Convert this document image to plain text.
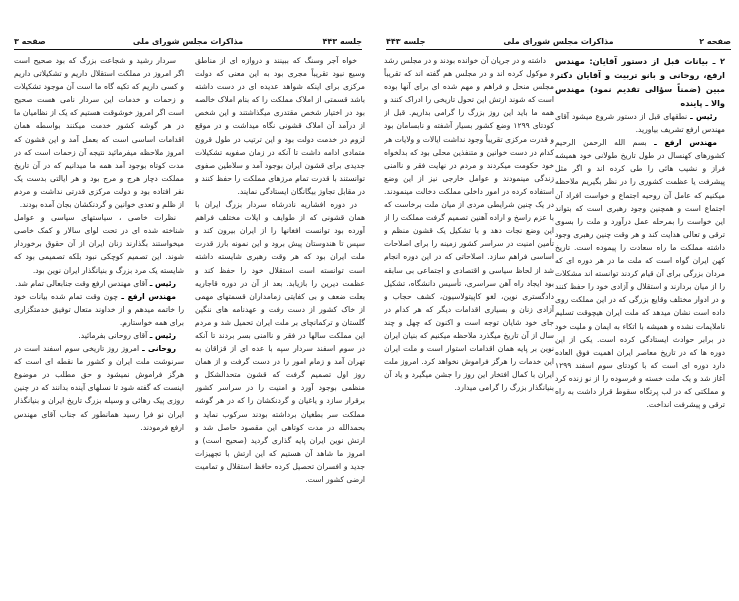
جلسه ۴۴۳
مذاکرات مجلس شورای ملی
صفحه ۳

خواه آجر وسنگ که ببینند و دروازه ای از مناطق وسیع نبود تقریباً مجری بود به این معنی که دولت مرکزی برای اینکه شواهد عدیده ای در دست داشته باشد قسمتی از املاک مملکت را که بنام املاک خالصه بود در اختیار شخص مقتدری میگذاشتند و این شخص از درآمد آن املاک قشونی نگاه میداشت و در موقع لزوم در خدمت دولت بود و این ترتیب در طول قرون متمادی ادامه داشت تا آنکه در زمان صفویه تشکیلات جدیدی برای قشون ایران بوجود آمد و سلاطین صفوی توانستند با قدرت تمام مرزهای مملکت را حفظ کنند و در مقابل تجاوز بیگانگان ایستادگی نمایند.

در دوره افشاریه نادرشاه سردار بزرگ ایران با همان قشونی که از طوایف و ایلات مختلف فراهم آورده بود توانست افغانها را از ایران بیرون کند و سپس تا هندوستان پیش برود و این نمونه بارز قدرت ملت ایران بود که هر وقت رهبری شایسته داشته است توانسته است استقلال خود را حفظ کند و عظمت دیرین را بازیابد. بعد از آن در دوره قاجاریه بعلت ضعف و بی کفایتی زمامداران قسمتهای مهمی از خاک کشور از دست رفت و عهدنامه های ننگین گلستان و ترکمانچای بر ملت ایران تحمیل شد و مردم این مملکت سالها در فقر و ناامنی بسر بردند تا آنکه در سوم اسفند سردار سپه با عده ای از قزاقان به تهران آمد و زمام امور را در دست گرفت و از همان روز اول تصمیم گرفت که قشون متحدالشکل و منظمی بوجود آورد و امنیت را در سراسر کشور برقرار سازد و یاغیان و گردنکشان را که در هر گوشه مملکت سر بطغیان برداشته بودند سرکوب نماید و بحمدالله در مدت کوتاهی این مقصود حاصل شد و ارتش نوین ایران پایه گذاری گردید (صحیح است) و امروز ما شاهد آن هستیم که این ارتش با تجهیزات جدید و افسران تحصیل کرده حافظ استقلال و تمامیت ارضی کشور است.

سردار رشید و شجاعت بزرگ که بود صحیح است اگر امروز در مملکت استقلال داریم و تشکیلاتی داریم و کسی داریم که تکیه گاه ما است آن موجود تشکیلات و زحمات و خدمات این سردار نامی هست صحیح است اگر امروز خوشوقت هستیم که یک از نظامیان ما در هر گوشه کشور خدمت میکنند بواسطه همان اقدامات اساسی است که بعمل آمد و این قشون که امروز ملاحظه میفرمائید نتیجه آن زحمات است که در مدت کوتاه بوجود آمد همه ما میدانیم که در آن تاریخ مملکت دچار هرج و مرج بود و هر ایالتی بدست یک نفر افتاده بود و دولت مرکزی قدرتی نداشت و مردم از ظلم و تعدی خوانین و گردنکشان بجان آمده بودند.

نظرات خاصی ، سیاستهای سیاسی و عوامل شناخته شده ای در تحت لوای سالار و کمک خاصی میخواستند بگذارند زنان ایران از آن حقوق برخوردار شوند. این تصمیم کوچکی نبود بلکه تصمیمی بود که شایسته یک مرد بزرگ و بنیانگذار ایران نوین بود.

رئیس ـ آقای مهندس ارفع وقت جنابعالی تمام شد.

مهندس ارفع ـ چون وقت تمام شده بیانات خود را خاتمه میدهم و از خداوند متعال توفیق خدمتگزاری برای همه خواستارم.

رئیس ـ آقای روحانی بفرمائید.

روحانی ـ امروز روز تاریخی سوم اسفند است در سرنوشت ملت ایران و کشور ما نقطه ای است که هرگز فراموش نمیشود و حق مطلب در موضوع اینست که گفته شود تا نسلهای آینده بدانند که در چنین روزی پیک رهائی و وسیله بزرگ تاریخ ایران و بنیانگذار ایران نو فرا رسید همانطور که جناب آقای مهندس ارفع فرمودند.

صفحه ۲
مذاکرات مجلس شورای ملی
جلسه ۴۴۳

۲ ـ بیانات قبل از دستور آقایان: مهندس ارفع، روحانی و بانو تربیت و آقایان دکتر مبین (ضمناً سؤالی تقدیم نمود) مهندس والا ـ پاینده

رئیس ـ نطقهای قبل از دستور شروع میشود آقای مهندس ارفع تشریف بیاورید.

مهندس ارفع ـ بسم الله الرحمن الرحیم کشورهای کهنسال در طول تاریخ طولانی خود همیشه فراز و نشیب هائی را طی کرده اند و اگر مثل پیشرفت یا عظمت کشوری را در نظر بگیریم ملاحظه میکنیم که عامل آن روحیه اجتماع و خواست افراد آن اجتماع است و همچنین وجود رهبری است که بتواند این خواست را بمرحله عمل درآورد و ملت را بسوی ترقی و تعالی هدایت کند و هر وقت چنین رهبری وجود داشته مملکت ما راه سعادت را پیموده است. تاریخ کهن ایران گواه است که ملت ما در هر دوره ای که مردان بزرگی برای آن قیام کردند توانسته اند مشکلات را از میان بردارند و استقلال و آزادی خود را حفظ کنند و در ادوار مختلف وقایع بزرگی که در این مملکت روی داده است نشان میدهد که ملت ایران هیچوقت تسلیم ناملایمات نشده و همیشه با اتکاء به ایمان و ملیت خود در برابر حوادث ایستادگی کرده است. یکی از این دوره ها که در تاریخ معاصر ایران اهمیت فوق العاده دارد دوره ای است که با کودتای سوم اسفند ۱۲۹۹ آغاز شد و یک ملت خسته و فرسوده را از نو زنده کرد و مملکتی که در لب پرتگاه سقوط قرار داشت به راه ترقی و پیشرفت انداخت.

داشته و در جریان آن خوانده بودند و در مجلس رشد و موکول کرده اند و در مجلس هم گفته اند که تقریباً مجلس منحل و فراهم و مهم شده ای برای آنها بوده است که شوند ارتش این تحول تاریخی را ادراک کنند و همه ما باید این روز بزرگ را گرامی بداریم. قبل از کودتای ۱۲۹۹ وضع کشور بسیار آشفته و نابسامان بود و قدرت مرکزی تقریباً وجود نداشت ایالات و ولایات هر کدام در دست خوانین و متنفذین محلی بود که بدلخواه خود حکومت میکردند و مردم در نهایت فقر و ناامنی زندگی مینمودند و عوامل خارجی نیز از این وضع استفاده کرده در امور داخلی مملکت دخالت مینمودند. در یک چنین شرایطی مردی از میان ملت برخاست که با عزم راسخ و اراده آهنین تصمیم گرفت مملکت را از این وضع نجات دهد و با تشکیل یک قشون منظم و تأمین امنیت در سراسر کشور زمینه را برای اصلاحات اساسی فراهم سازد. اصلاحاتی که در این دوره انجام شد از لحاظ سیاسی و اقتصادی و اجتماعی بی سابقه بود ایجاد راه آهن سراسری، تأسیس دانشگاه، تشکیل دادگستری نوین، لغو کاپیتولاسیون، کشف حجاب و آزادی زنان و بسیاری اقدامات دیگر که هر کدام در جای خود شایان توجه است و اکنون که چهل و چند سال از آن تاریخ میگذرد ملاحظه میکنیم که بنیان ایران نوین بر پایه همان اقدامات استوار است و ملت ایران این خدمات را هرگز فراموش نخواهد کرد. امروز ملت ایران با کمال افتخار این روز را جشن میگیرد و یاد آن بنیانگذار بزرگ را گرامی میدارد.
